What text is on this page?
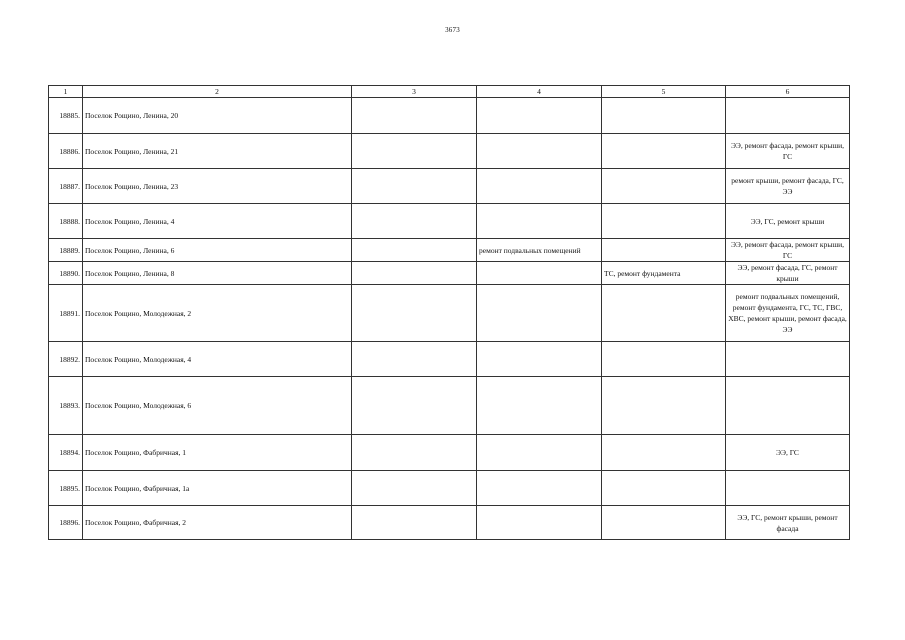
3673
1	2	3	4	5	6
18885.	Поселок Рощино, Ленина, 20				
18886.	Поселок Рощино, Ленина, 21				ЭЭ, ремонт фасада, ремонт крыши, ГС
18887.	Поселок Рощино, Ленина, 23				ремонт крыши, ремонт фасада, ГС, ЭЭ
18888.	Поселок Рощино, Ленина, 4				ЭЭ, ГС, ремонт крыши
18889.	Поселок Рощино, Ленина, 6		ремонт подвальных помещений		ЭЭ, ремонт фасада, ремонт крыши, ГС
18890.	Поселок Рощино, Ленина, 8			ТС, ремонт фундамента	ЭЭ, ремонт фасада, ГС, ремонт крыши
18891.	Поселок Рощино, Молодежная, 2				ремонт подвальных помещений, ремонт фундамента, ГС, ТС, ГВС, ХВС, ремонт крыши, ремонт фасада, ЭЭ
18892.	Поселок Рощино, Молодежная, 4				
18893.	Поселок Рощино, Молодежная, 6				
18894.	Поселок Рощино, Фабричная, 1				ЭЭ, ГС
18895.	Поселок Рощино, Фабричная, 1а				
18896.	Поселок Рощино, Фабричная, 2				ЭЭ, ГС, ремонт крыши, ремонт фасада
